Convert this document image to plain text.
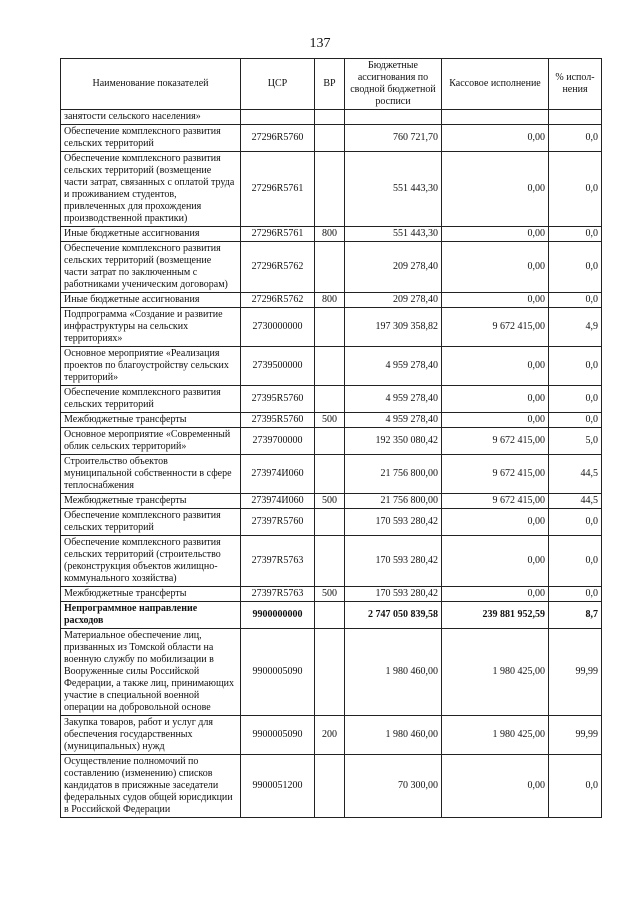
137
Наименование показателей	ЦСР	ВР	Бюджетные ассигнования по сводной бюджетной росписи	Кассовое исполнение	% испол-нения
занятости сельского населения»					
Обеспечение комплексного развития сельских территорий	27296R5760		760 721,70	0,00	0,0
Обеспечение комплексного развития сельских территорий (возмещение части затрат, связанных с оплатой труда и проживанием студентов, привлеченных для прохождения производственной практики)	27296R5761		551 443,30	0,00	0,0
Иные бюджетные ассигнования	27296R5761	800	551 443,30	0,00	0,0
Обеспечение комплексного развития сельских территорий (возмещение части затрат по заключенным с работниками ученическим договорам)	27296R5762		209 278,40	0,00	0,0
Иные бюджетные ассигнования	27296R5762	800	209 278,40	0,00	0,0
Подпрограмма «Создание и развитие инфраструктуры на сельских территориях»	2730000000		197 309 358,82	9 672 415,00	4,9
Основное мероприятие «Реализация проектов по благоустройству сельских территорий»	2739500000		4 959 278,40	0,00	0,0
Обеспечение комплексного развития сельских территорий	27395R5760		4 959 278,40	0,00	0,0
Межбюджетные трансферты	27395R5760	500	4 959 278,40	0,00	0,0
Основное мероприятие «Современный облик сельских территорий»	2739700000		192 350 080,42	9 672 415,00	5,0
Строительство объектов муниципальной собственности в сфере теплоснабжения	273974И060		21 756 800,00	9 672 415,00	44,5
Межбюджетные трансферты	273974И060	500	21 756 800,00	9 672 415,00	44,5
Обеспечение комплексного развития сельских территорий	27397R5760		170 593 280,42	0,00	0,0
Обеспечение комплексного развития сельских территорий (строительство (реконструкция объектов жилищно-коммунального хозяйства)	27397R5763		170 593 280,42	0,00	0,0
Межбюджетные трансферты	27397R5763	500	170 593 280,42	0,00	0,0
Непрограммное направление расходов	9900000000		2 747 050 839,58	239 881 952,59	8,7
Материальное обеспечение лиц, призванных из Томской области на военную службу по мобилизации в Вооруженные силы Российской Федерации, а также лиц, принимающих участие в специальной военной операции на добровольной основе	9900005090		1 980 460,00	1 980 425,00	99,99
Закупка товаров, работ и услуг для обеспечения государственных (муниципальных) нужд	9900005090	200	1 980 460,00	1 980 425,00	99,99
Осуществление полномочий по составлению (изменению) списков кандидатов в присяжные заседатели федеральных судов общей юрисдикции в Российской Федерации	9900051200		70 300,00	0,00	0,0
